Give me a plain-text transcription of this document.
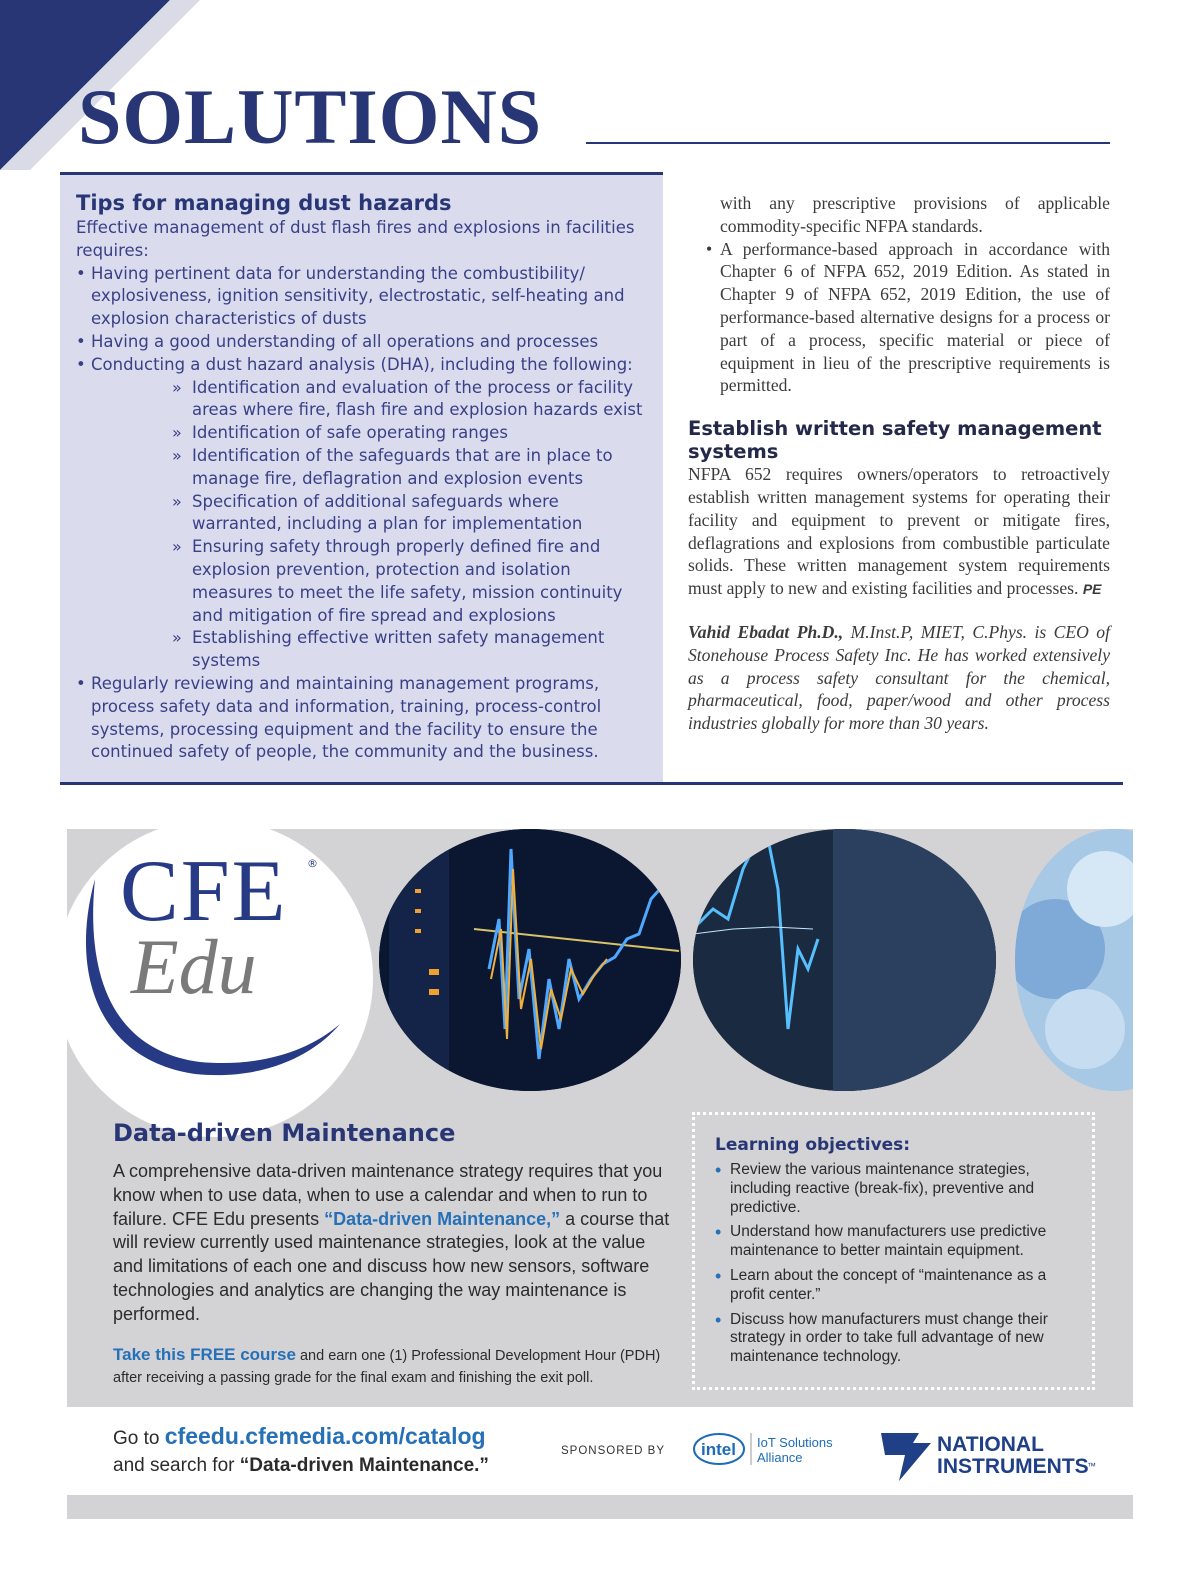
SOLUTIONS
Tips for managing dust hazards

Effective management of dust flash fires and explosions in facilities requires:

• Having pertinent data for understanding the combustibility/ explosiveness, ignition sensitivity, electrostatic, self-heating and explosion characteristics of dusts
• Having a good understanding of all operations and processes
• Conducting a dust hazard analysis (DHA), including the following:
» Identification and evaluation of the process or facility areas where fire, flash fire and explosion hazards exist
» Identification of safe operating ranges
» Identification of the safeguards that are in place to manage fire, deflagration and explosion events
» Specification of additional safeguards where warranted, including a plan for implementation
» Ensuring safety through properly defined fire and explosion prevention, protection and isolation measures to meet the life safety, mission continuity and mitigation of fire spread and explosions
» Establishing effective written safety management systems
• Regularly reviewing and maintaining management programs, process safety data and information, training, process-control systems, processing equipment and the facility to ensure the continued safety of people, the community and the business.

with any prescriptive provisions of applicable commodity-specific NFPA standards.

• A performance-based approach in accordance with Chapter 6 of NFPA 652, 2019 Edition. As stated in Chapter 9 of NFPA 652, 2019 Edition, the use of performance-based alternative designs for a process or part of a process, specific material or piece of equipment in lieu of the prescriptive requirements is permitted.

Establish written safety management systems

NFPA 652 requires owners/operators to retroactively establish written management systems for operating their facility and equipment to prevent or mitigate fires, deflagrations and explosions from combustible particulate solids. These written management system requirements must apply to new and existing facilities and processes. PE

Vahid Ebadat Ph.D., M.Inst.P, MIET, C.Phys. is CEO of Stonehouse Process Safety Inc. He has worked extensively as a process safety consultant for the chemical, pharmaceutical, food, paper/wood and other process industries globally for more than 30 years.

CFE ®
Edu
Data-driven Maintenance

A comprehensive data-driven maintenance strategy requires that you know when to use data, when to use a calendar and when to run to failure. CFE Edu presents “Data-driven Maintenance,” a course that will review currently used maintenance strategies, look at the value and limitations of each one and discuss how new sensors, software technologies and analytics are changing the way maintenance is performed.

Take this FREE course and earn one (1) Professional Development Hour (PDH) after receiving a passing grade for the final exam and finishing the exit poll.

Learning objectives:
• Review the various maintenance strategies, including reactive (break-fix), preventive and predictive.
• Understand how manufacturers use predictive maintenance to better maintain equipment.
• Learn about the concept of “maintenance as a profit center.”
• Discuss how manufacturers must change their strategy in order to take full advantage of new maintenance technology.

Go to cfeedu.cfemedia.com/catalog
and search for “Data-driven Maintenance.”

SPONSORED BY intel IoT Solutions
Alliance
NATIONAL
INSTRUMENTS
™
